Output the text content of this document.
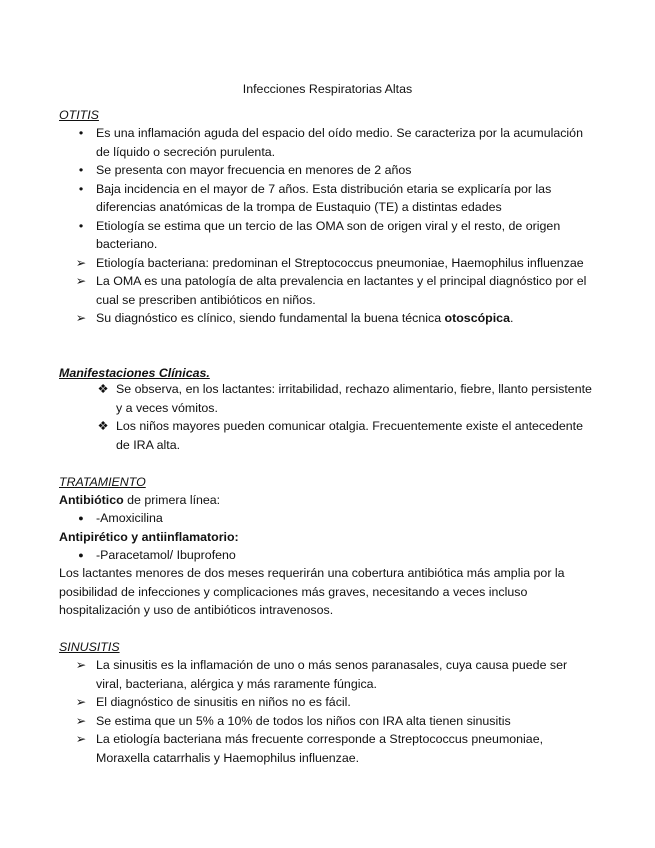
Infecciones Respiratorias Altas
OTITIS
•	Es una inflamación aguda del espacio del oído medio. Se caracteriza por la acumulación de líquido o secreción purulenta.
•	Se presenta con mayor frecuencia en menores de 2 años
•	Baja incidencia en el mayor de 7 años. Esta distribución etaria se explicaría por las diferencias anatómicas de la trompa de Eustaquio (TE) a distintas edades
•	Etiología se estima que un tercio de las OMA son de origen viral y el resto, de origen bacteriano.
➢ Etiología bacteriana: predominan el Streptococcus pneumoniae, Haemophilus influenzae
➢ La OMA es una patología de alta prevalencia en lactantes y el principal diagnóstico por el cual se prescriben antibióticos en niños.
➢ Su diagnóstico es clínico, siendo fundamental la buena técnica otoscópica.
Manifestaciones Clínicas.
❖ Se observa, en los lactantes: irritabilidad, rechazo alimentario, fiebre, llanto persistente y a veces vómitos.
❖ Los niños mayores pueden comunicar otalgia. Frecuentemente existe el antecedente de IRA alta.
TRATAMIENTO
Antibiótico de primera línea:
● -Amoxicilina
Antipirético y antiinflamatorio:
● -Paracetamol/ Ibuprofeno
Los lactantes menores de dos meses requerirán una cobertura antibiótica más amplia por la posibilidad de infecciones y complicaciones más graves, necesitando a veces incluso hospitalización y uso de antibióticos intravenosos.
SINUSITIS
➢ La sinusitis es la inflamación de uno o más senos paranasales, cuya causa puede ser viral, bacteriana, alérgica y más raramente fúngica.
➢ El diagnóstico de sinusitis en niños no es fácil.
➢ Se estima que un 5% a 10% de todos los niños con IRA alta tienen sinusitis
➢ La etiología bacteriana más frecuente corresponde a Streptococcus pneumoniae, Moraxella catarrhalis y Haemophilus influenzae.
